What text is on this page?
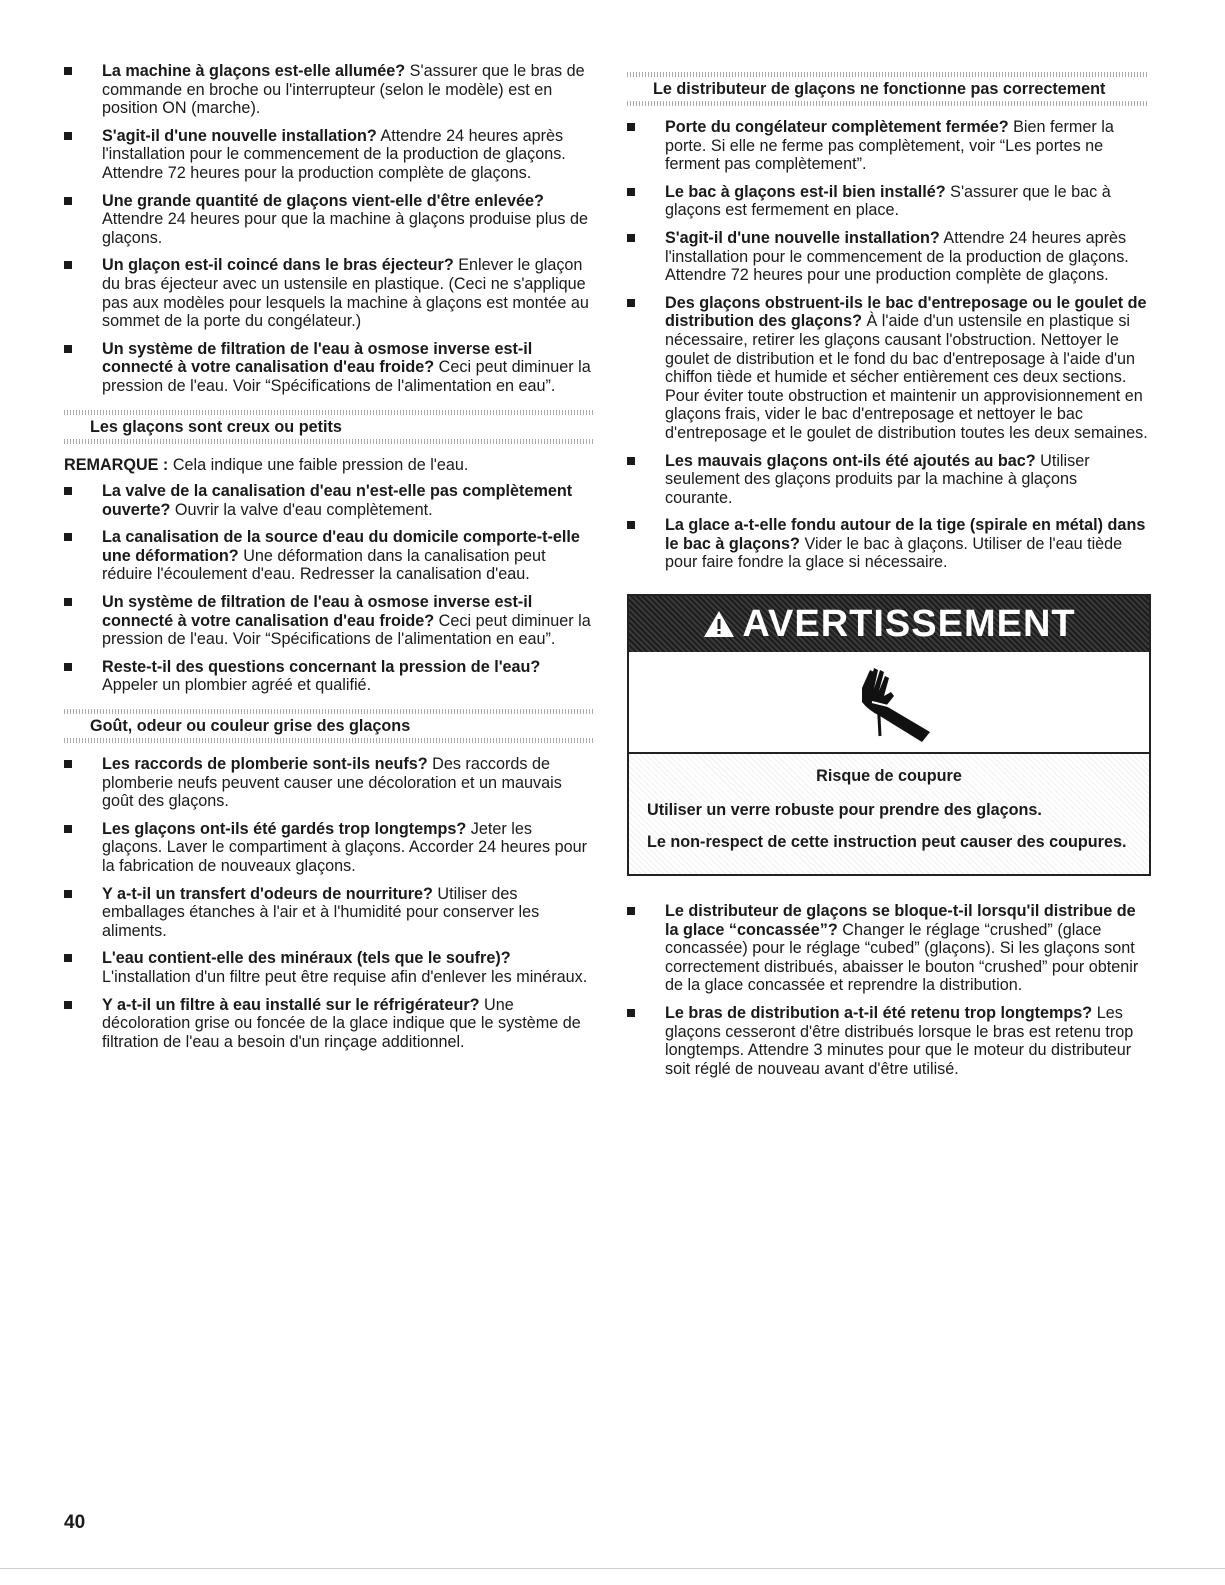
La machine à glaçons est-elle allumée? S'assurer que le bras de commande en broche ou l'interrupteur (selon le modèle) est en position ON (marche).
S'agit-il d'une nouvelle installation? Attendre 24 heures après l'installation pour le commencement de la production de glaçons. Attendre 72 heures pour la production complète de glaçons.
Une grande quantité de glaçons vient-elle d'être enlevée? Attendre 24 heures pour que la machine à glaçons produise plus de glaçons.
Un glaçon est-il coincé dans le bras éjecteur? Enlever le glaçon du bras éjecteur avec un ustensile en plastique. (Ceci ne s'applique pas aux modèles pour lesquels la machine à glaçons est montée au sommet de la porte du congélateur.)
Un système de filtration de l'eau à osmose inverse est-il connecté à votre canalisation d'eau froide? Ceci peut diminuer la pression de l'eau. Voir “Spécifications de l'alimentation en eau”.
Les glaçons sont creux ou petits
REMARQUE : Cela indique une faible pression de l'eau.
La valve de la canalisation d'eau n'est-elle pas complètement ouverte? Ouvrir la valve d'eau complètement.
La canalisation de la source d'eau du domicile comporte-t-elle une déformation? Une déformation dans la canalisation peut réduire l'écoulement d'eau. Redresser la canalisation d'eau.
Un système de filtration de l'eau à osmose inverse est-il connecté à votre canalisation d'eau froide? Ceci peut diminuer la pression de l'eau. Voir “Spécifications de l'alimentation en eau”.
Reste-t-il des questions concernant la pression de l'eau? Appeler un plombier agréé et qualifié.
Goût, odeur ou couleur grise des glaçons
Les raccords de plomberie sont-ils neufs? Des raccords de plomberie neufs peuvent causer une décoloration et un mauvais goût des glaçons.
Les glaçons ont-ils été gardés trop longtemps? Jeter les glaçons. Laver le compartiment à glaçons. Accorder 24 heures pour la fabrication de nouveaux glaçons.
Y a-t-il un transfert d'odeurs de nourriture? Utiliser des emballages étanches à l'air et à l'humidité pour conserver les aliments.
L'eau contient-elle des minéraux (tels que le soufre)? L'installation d'un filtre peut être requise afin d'enlever les minéraux.
Y a-t-il un filtre à eau installé sur le réfrigérateur? Une décoloration grise ou foncée de la glace indique que le système de filtration de l'eau a besoin d'un rinçage additionnel.
Le distributeur de glaçons ne fonctionne pas correctement
Porte du congélateur complètement fermée? Bien fermer la porte. Si elle ne ferme pas complètement, voir “Les portes ne ferment pas complètement”.
Le bac à glaçons est-il bien installé? S'assurer que le bac à glaçons est fermement en place.
S'agit-il d'une nouvelle installation? Attendre 24 heures après l'installation pour le commencement de la production de glaçons. Attendre 72 heures pour une production complète de glaçons.
Des glaçons obstruent-ils le bac d'entreposage ou le goulet de distribution des glaçons? À l'aide d'un ustensile en plastique si nécessaire, retirer les glaçons causant l'obstruction. Nettoyer le goulet de distribution et le fond du bac d'entreposage à l'aide d'un chiffon tiède et humide et sécher entièrement ces deux sections. Pour éviter toute obstruction et maintenir un approvisionnement en glaçons frais, vider le bac d'entreposage et nettoyer le bac d'entreposage et le goulet de distribution toutes les deux semaines.
Les mauvais glaçons ont-ils été ajoutés au bac? Utiliser seulement des glaçons produits par la machine à glaçons courante.
La glace a-t-elle fondu autour de la tige (spirale en métal) dans le bac à glaçons? Vider le bac à glaçons. Utiliser de l'eau tiède pour faire fondre la glace si nécessaire.
AVERTISSEMENT
Risque de coupure
Utiliser un verre robuste pour prendre des glaçons.
Le non-respect de cette instruction peut causer des coupures.
Le distributeur de glaçons se bloque-t-il lorsqu'il distribue de la glace “concassée”? Changer le réglage “crushed” (glace concassée) pour le réglage “cubed” (glaçons). Si les glaçons sont correctement distribués, abaisser le bouton “crushed” pour obtenir de la glace concassée et reprendre la distribution.
Le bras de distribution a-t-il été retenu trop longtemps? Les glaçons cesseront d'être distribués lorsque le bras est retenu trop longtemps. Attendre 3 minutes pour que le moteur du distributeur soit réglé de nouveau avant d'être utilisé.
40
